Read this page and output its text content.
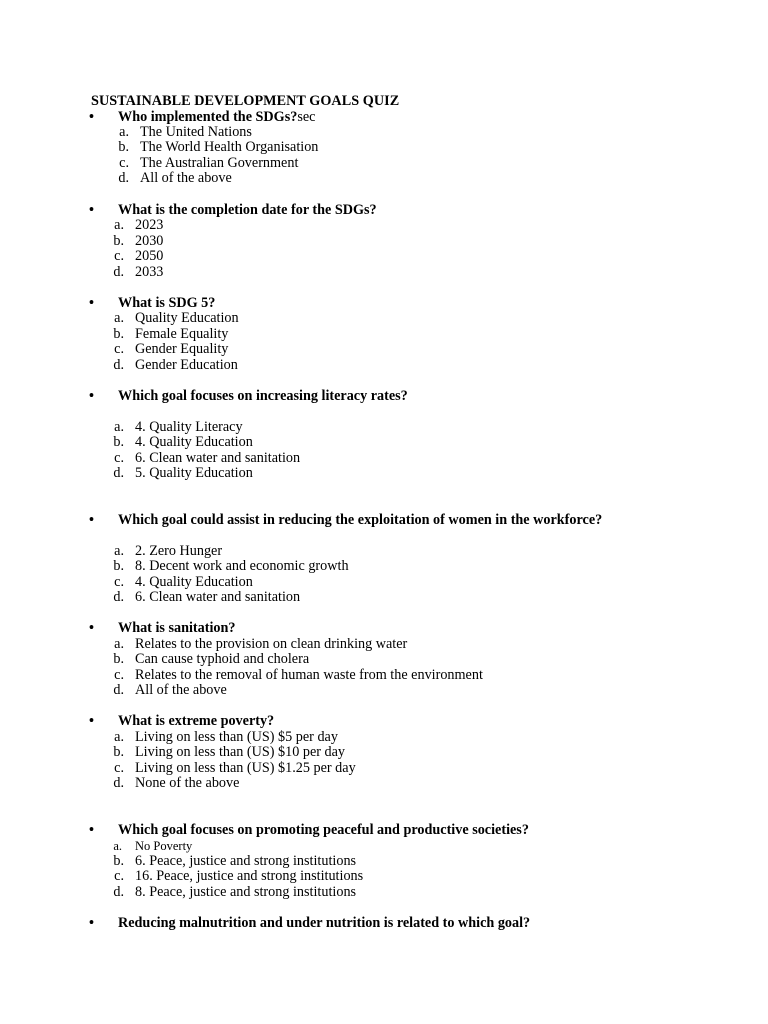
SUSTAINABLE DEVELOPMENT GOALS QUIZ
• Who implemented the SDGs?sec
a. The United Nations
b. The World Health Organisation
c. The Australian Government
d. All of the above
• What is the completion date for the SDGs?
a. 2023
b. 2030
c. 2050
d. 2033
• What is SDG 5?
a. Quality Education
b. Female Equality
c. Gender Equality
d. Gender Education
• Which goal focuses on increasing literacy rates?
a. 4. Quality Literacy
b. 4. Quality Education
c. 6. Clean water and sanitation
d. 5. Quality Education
• Which goal could assist in reducing the exploitation of women in the workforce?
a. 2. Zero Hunger
b. 8. Decent work and economic growth
c. 4. Quality Education
d. 6. Clean water and sanitation
• What is sanitation?
a. Relates to the provision on clean drinking water
b. Can cause typhoid and cholera
c. Relates to the removal of human waste from the environment
d. All of the above
• What is extreme poverty?
a. Living on less than (US) $5 per day
b. Living on less than (US) $10 per day
c. Living on less than (US) $1.25 per day
d. None of the above
• Which goal focuses on promoting peaceful and productive societies?
a. No Poverty
b. 6. Peace, justice and strong institutions
c. 16. Peace, justice and strong institutions
d. 8. Peace, justice and strong institutions
• Reducing malnutrition and under nutrition is related to which goal?
